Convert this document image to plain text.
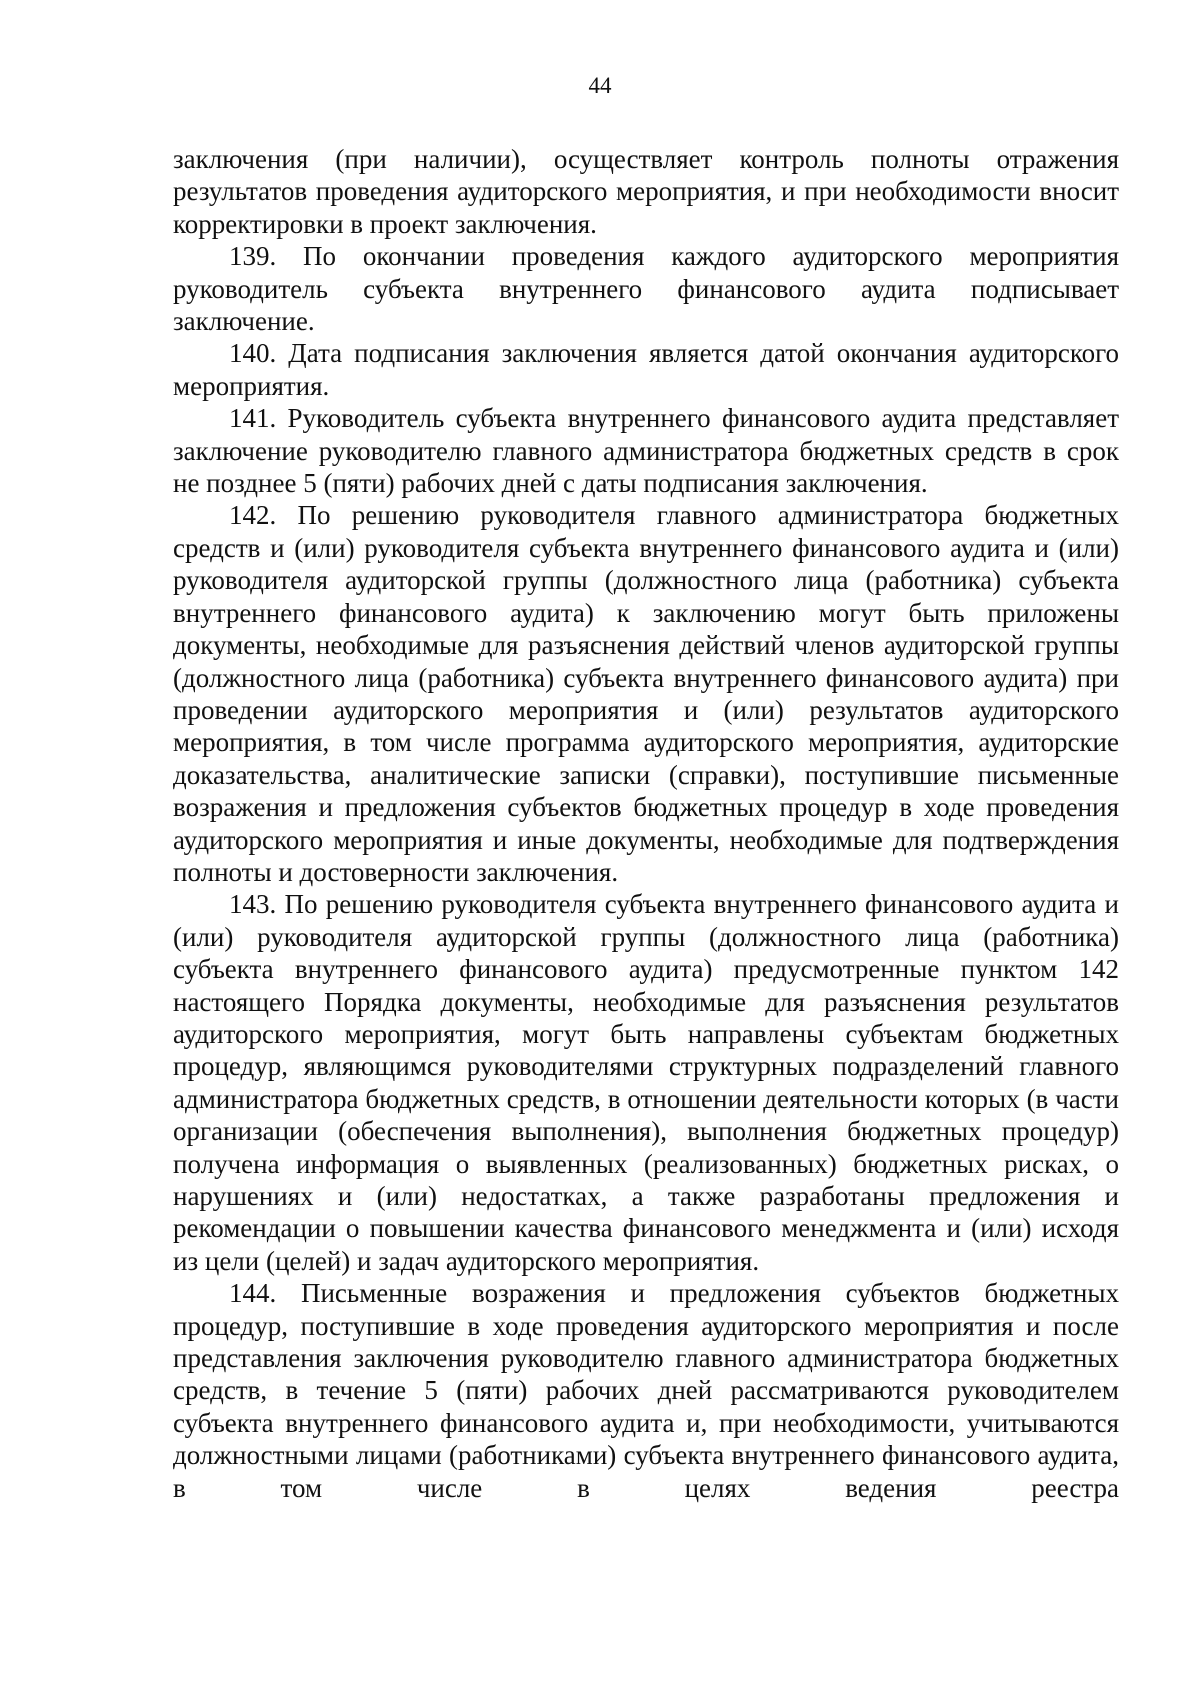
44

заключения (при наличии), осуществляет контроль полноты отражения результатов проведения аудиторского мероприятия, и при необходимости вносит корректировки в проект заключения.

139. По окончании проведения каждого аудиторского мероприятия руководитель субъекта внутреннего финансового аудита подписывает заключение.

140. Дата подписания заключения является датой окончания аудиторского мероприятия.

141. Руководитель субъекта внутреннего финансового аудита представляет заключение руководителю главного администратора бюджетных средств в срок не позднее 5 (пяти) рабочих дней с даты подписания заключения.

142. По решению руководителя главного администратора бюджетных средств и (или) руководителя субъекта внутреннего финансового аудита и (или) руководителя аудиторской группы (должностного лица (работника) субъекта внутреннего финансового аудита) к заключению могут быть приложены документы, необходимые для разъяснения действий членов аудиторской группы (должностного лица (работника) субъекта внутреннего финансового аудита) при проведении аудиторского мероприятия и (или) результатов аудиторского мероприятия, в том числе программа аудиторского мероприятия, аудиторские доказательства, аналитические записки (справки), поступившие письменные возражения и предложения субъектов бюджетных процедур в ходе проведения аудиторского мероприятия и иные документы, необходимые для подтверждения полноты и достоверности заключения.

143. По решению руководителя субъекта внутреннего финансового аудита и (или) руководителя аудиторской группы (должностного лица (работника) субъекта внутреннего финансового аудита) предусмотренные пунктом 142 настоящего Порядка документы, необходимые для разъяснения результатов аудиторского мероприятия, могут быть направлены субъектам бюджетных процедур, являющимся руководителями структурных подразделений главного администратора бюджетных средств, в отношении деятельности которых (в части организации (обеспечения выполнения), выполнения бюджетных процедур) получена информация о выявленных (реализованных) бюджетных рисках, о нарушениях и (или) недостатках, а также разработаны предложения и рекомендации о повышении качества финансового менеджмента и (или) исходя из цели (целей) и задач аудиторского мероприятия.

144. Письменные возражения и предложения субъектов бюджетных процедур, поступившие в ходе проведения аудиторского мероприятия и после представления заключения руководителю главного администратора бюджетных средств, в течение 5 (пяти) рабочих дней рассматриваются руководителем субъекта внутреннего финансового аудита и, при необходимости, учитываются должностными лицами (работниками) субъекта внутреннего финансового аудита, в том числе в целях ведения реестра
